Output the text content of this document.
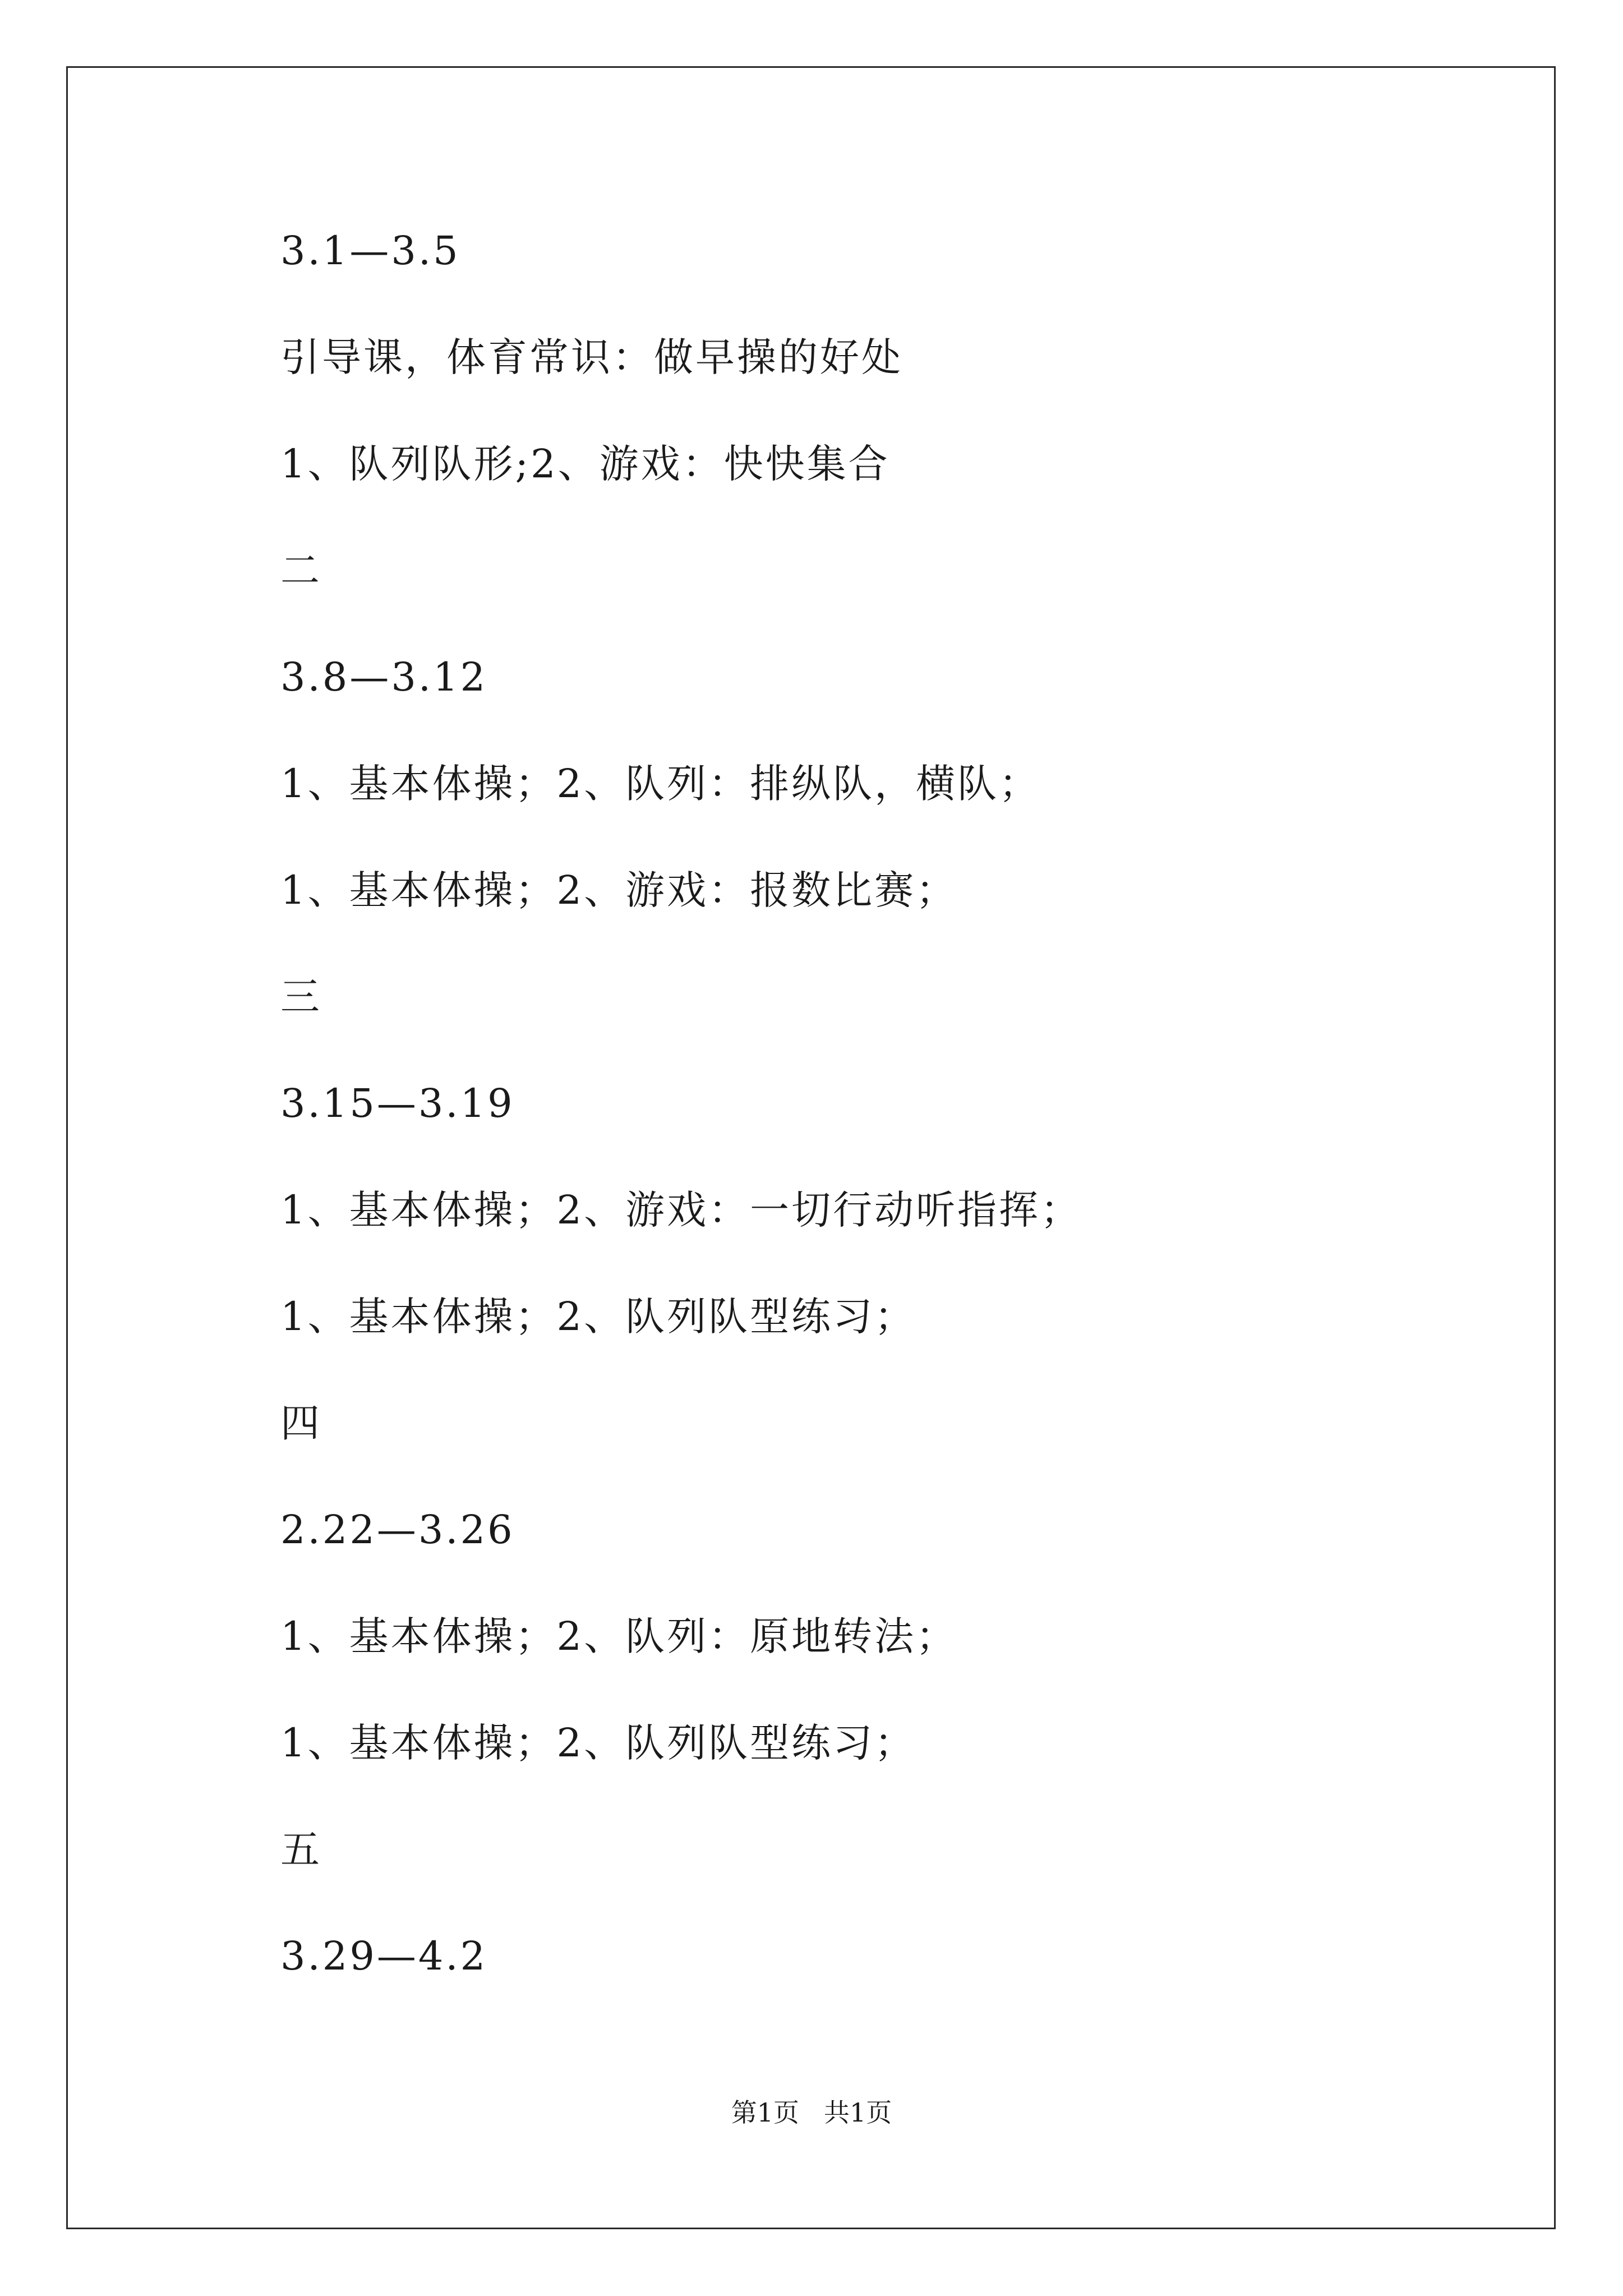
3.1—3.5
引导课，体育常识：做早操的好处
1、队列队形;2、游戏：快快集合
二
3.8—3.12
1、基本体操；2、队列：排纵队，横队；
1、基本体操；2、游戏：报数比赛；
三
3.15—3.19
1、基本体操；2、游戏：一切行动听指挥；
1、基本体操；2、队列队型练习；
四
2.22—3.26
1、基本体操；2、队列：原地转法；
1、基本体操；2、队列队型练习；
五
3.29—4.2
第1页 共1页
